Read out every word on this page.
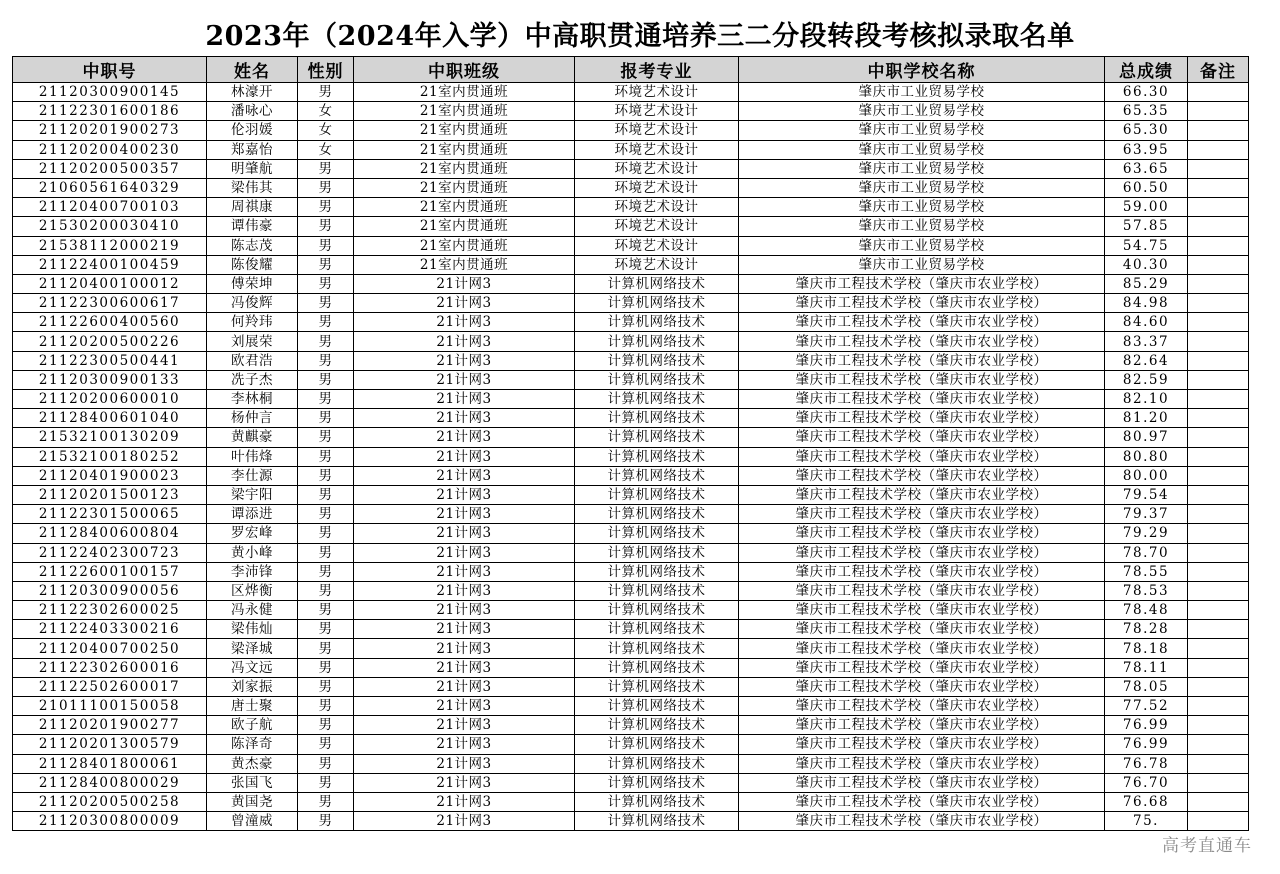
2023年（2024年入学）中高职贯通培养三二分段转段考核拟录取名单
中职号	姓名	性别	中职班级	报考专业	中职学校名称	总成绩	备注
21120300900145	林濠开	男	21室内贯通班	环境艺术设计	肇庆市工业贸易学校	66.30	
21122301600186	潘咏心	女	21室内贯通班	环境艺术设计	肇庆市工业贸易学校	65.35	
21120201900273	伦羽媛	女	21室内贯通班	环境艺术设计	肇庆市工业贸易学校	65.30	
21120200400230	郑嘉怡	女	21室内贯通班	环境艺术设计	肇庆市工业贸易学校	63.95	
21120200500357	明肇航	男	21室内贯通班	环境艺术设计	肇庆市工业贸易学校	63.65	
21060561640329	梁伟其	男	21室内贯通班	环境艺术设计	肇庆市工业贸易学校	60.50	
21120400700103	周祺康	男	21室内贯通班	环境艺术设计	肇庆市工业贸易学校	59.00	
21530200030410	谭伟豪	男	21室内贯通班	环境艺术设计	肇庆市工业贸易学校	57.85	
21538112000219	陈志茂	男	21室内贯通班	环境艺术设计	肇庆市工业贸易学校	54.75	
21122400100459	陈俊耀	男	21室内贯通班	环境艺术设计	肇庆市工业贸易学校	40.30	
21120400100012	傅荣坤	男	21计网3	计算机网络技术	肇庆市工程技术学校（肇庆市农业学校）	85.29	
21122300600617	冯俊辉	男	21计网3	计算机网络技术	肇庆市工程技术学校（肇庆市农业学校）	84.98	
21122600400560	何羚玮	男	21计网3	计算机网络技术	肇庆市工程技术学校（肇庆市农业学校）	84.60	
21120200500226	刘展荣	男	21计网3	计算机网络技术	肇庆市工程技术学校（肇庆市农业学校）	83.37	
21122300500441	欧君浩	男	21计网3	计算机网络技术	肇庆市工程技术学校（肇庆市农业学校）	82.64	
21120300900133	冼子杰	男	21计网3	计算机网络技术	肇庆市工程技术学校（肇庆市农业学校）	82.59	
21120200600010	李林桐	男	21计网3	计算机网络技术	肇庆市工程技术学校（肇庆市农业学校）	82.10	
21128400601040	杨仲言	男	21计网3	计算机网络技术	肇庆市工程技术学校（肇庆市农业学校）	81.20	
21532100130209	黄麒豪	男	21计网3	计算机网络技术	肇庆市工程技术学校（肇庆市农业学校）	80.97	
21532100180252	叶伟烽	男	21计网3	计算机网络技术	肇庆市工程技术学校（肇庆市农业学校）	80.80	
21120401900023	李仕源	男	21计网3	计算机网络技术	肇庆市工程技术学校（肇庆市农业学校）	80.00	
21120201500123	梁宇阳	男	21计网3	计算机网络技术	肇庆市工程技术学校（肇庆市农业学校）	79.54	
21122301500065	谭添进	男	21计网3	计算机网络技术	肇庆市工程技术学校（肇庆市农业学校）	79.37	
21128400600804	罗宏峰	男	21计网3	计算机网络技术	肇庆市工程技术学校（肇庆市农业学校）	79.29	
21122402300723	黄小峰	男	21计网3	计算机网络技术	肇庆市工程技术学校（肇庆市农业学校）	78.70	
21122600100157	李沛锋	男	21计网3	计算机网络技术	肇庆市工程技术学校（肇庆市农业学校）	78.55	
21120300900056	区烨衡	男	21计网3	计算机网络技术	肇庆市工程技术学校（肇庆市农业学校）	78.53	
21122302600025	冯永健	男	21计网3	计算机网络技术	肇庆市工程技术学校（肇庆市农业学校）	78.48	
21122403300216	梁伟灿	男	21计网3	计算机网络技术	肇庆市工程技术学校（肇庆市农业学校）	78.28	
21120400700250	梁泽城	男	21计网3	计算机网络技术	肇庆市工程技术学校（肇庆市农业学校）	78.18	
21122302600016	冯文远	男	21计网3	计算机网络技术	肇庆市工程技术学校（肇庆市农业学校）	78.11	
21122502600017	刘家振	男	21计网3	计算机网络技术	肇庆市工程技术学校（肇庆市农业学校）	78.05	
21011100150058	唐士聚	男	21计网3	计算机网络技术	肇庆市工程技术学校（肇庆市农业学校）	77.52	
21120201900277	欧子航	男	21计网3	计算机网络技术	肇庆市工程技术学校（肇庆市农业学校）	76.99	
21120201300579	陈泽奇	男	21计网3	计算机网络技术	肇庆市工程技术学校（肇庆市农业学校）	76.99	
21128401800061	黄杰豪	男	21计网3	计算机网络技术	肇庆市工程技术学校（肇庆市农业学校）	76.78	
21128400800029	张国飞	男	21计网3	计算机网络技术	肇庆市工程技术学校（肇庆市农业学校）	76.70	
21120200500258	黄国尧	男	21计网3	计算机网络技术	肇庆市工程技术学校（肇庆市农业学校）	76.68	
21120300800009	曾潼威	男	21计网3	计算机网络技术	肇庆市工程技术学校（肇庆市农业学校）	75.	
高考直通车
